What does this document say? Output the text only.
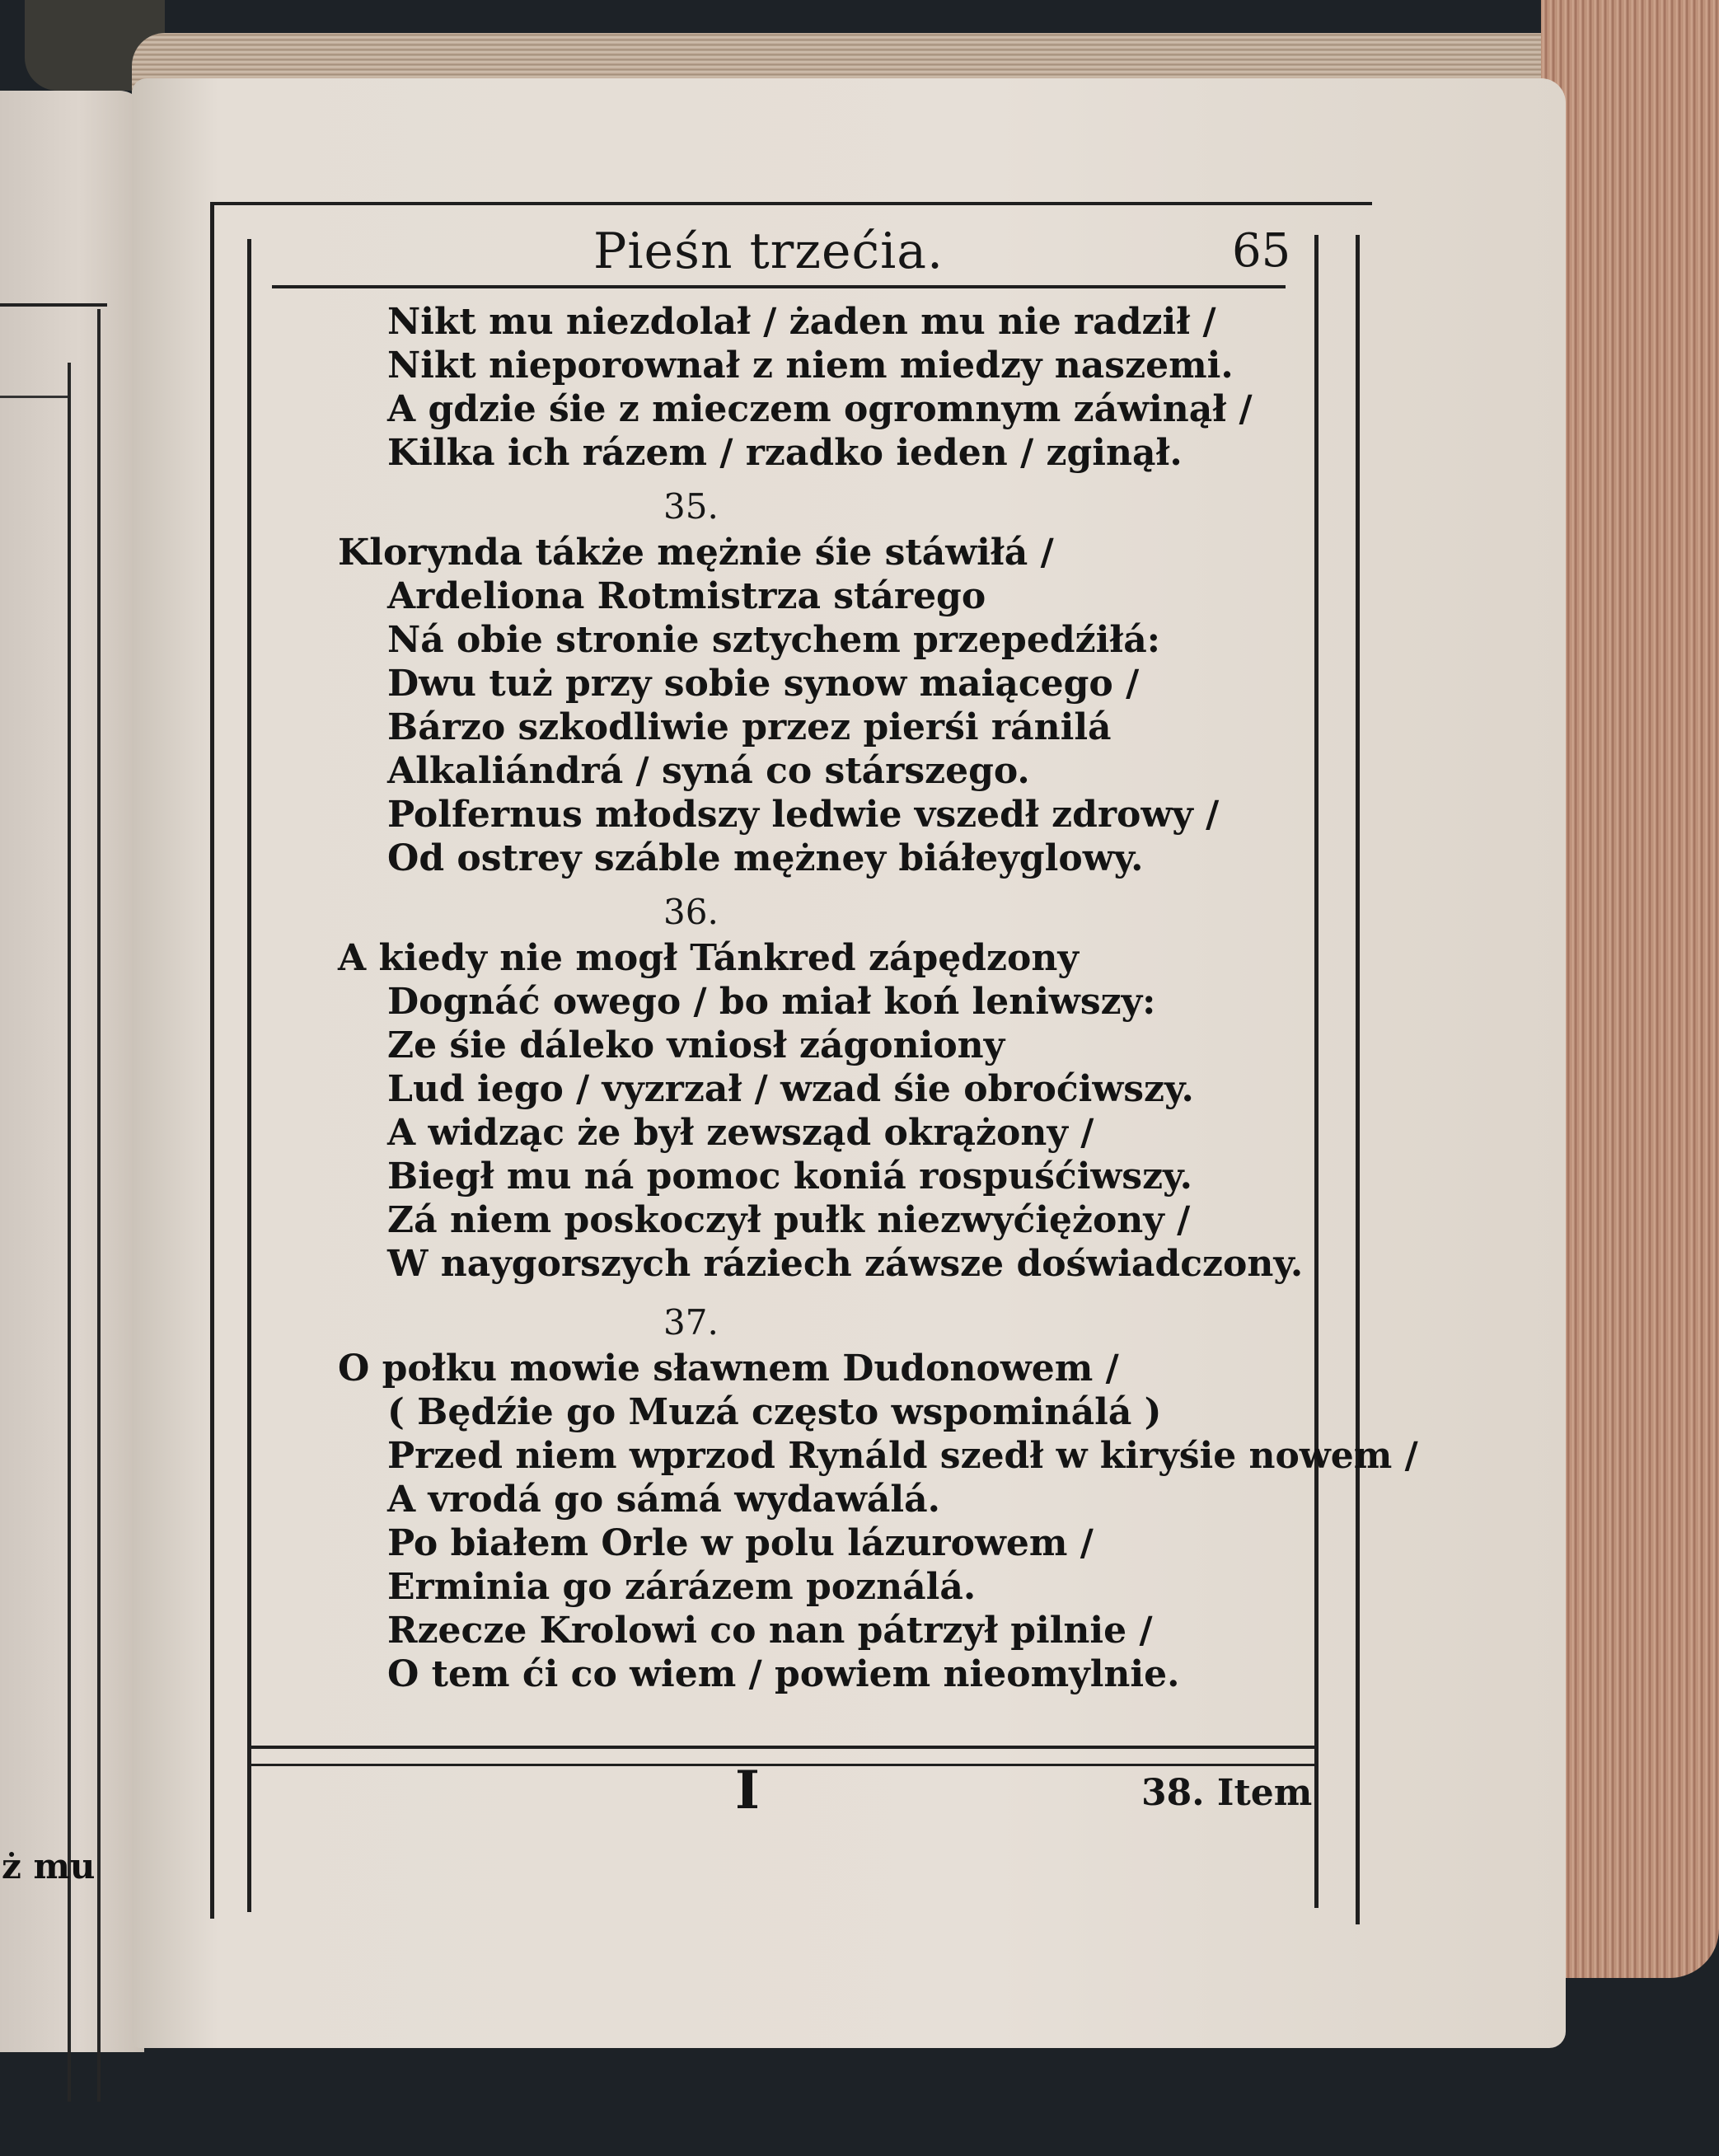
ż mu
Pieśn trzećia.	65
Nikt mu niezdolał / żaden mu nie radził /
Nikt nieporownał z niem miedzy naszemi.
A gdzie śie z mieczem ogromnym záwinął /
Kilka ich rázem / rzadko ieden / zginął.
35.
Klorynda tákże mężnie śie stáwiłá /
Ardeliona Rotmistrza stárego
Ná obie stronie sztychem przepedźiłá:
Dwu tuż przy sobie synow maiącego /
Bárzo szkodliwie przez pierśi ránilá
Alkaliándrá / syná co stárszego.
Polfernus młodszy ledwie vszedł zdrowy /
Od ostrey száble mężney biáłeyglowy.
36.
A kiedy nie mogł Tánkred zápędzony
Dognáć owego / bo miał koń leniwszy:
Ze śie dáleko vniosł zágoniony
Lud iego / vyzrzał / wzad śie obroćiwszy.
A widząc że był zewsząd okrążony /
Biegł mu ná pomoc koniá rospuśćiwszy.
Zá niem poskoczył pułk niezwyćiężony /
W naygorszych ráziech záwsze doświadczony.
37.
O połku mowie sławnem Dudonowem /
( Będźie go Muzá często wspominálá )
Przed niem wprzod Rynáld szedł w kiryśie nowem /
A vrodá go sámá wydawálá.
Po białem Orle w polu lázurowem /
Erminia go zárázem poználá.
Rzecze Krolowi co nan pátrzył pilnie /
O tem ći co wiem / powiem nieomylnie.
I	38. Item
